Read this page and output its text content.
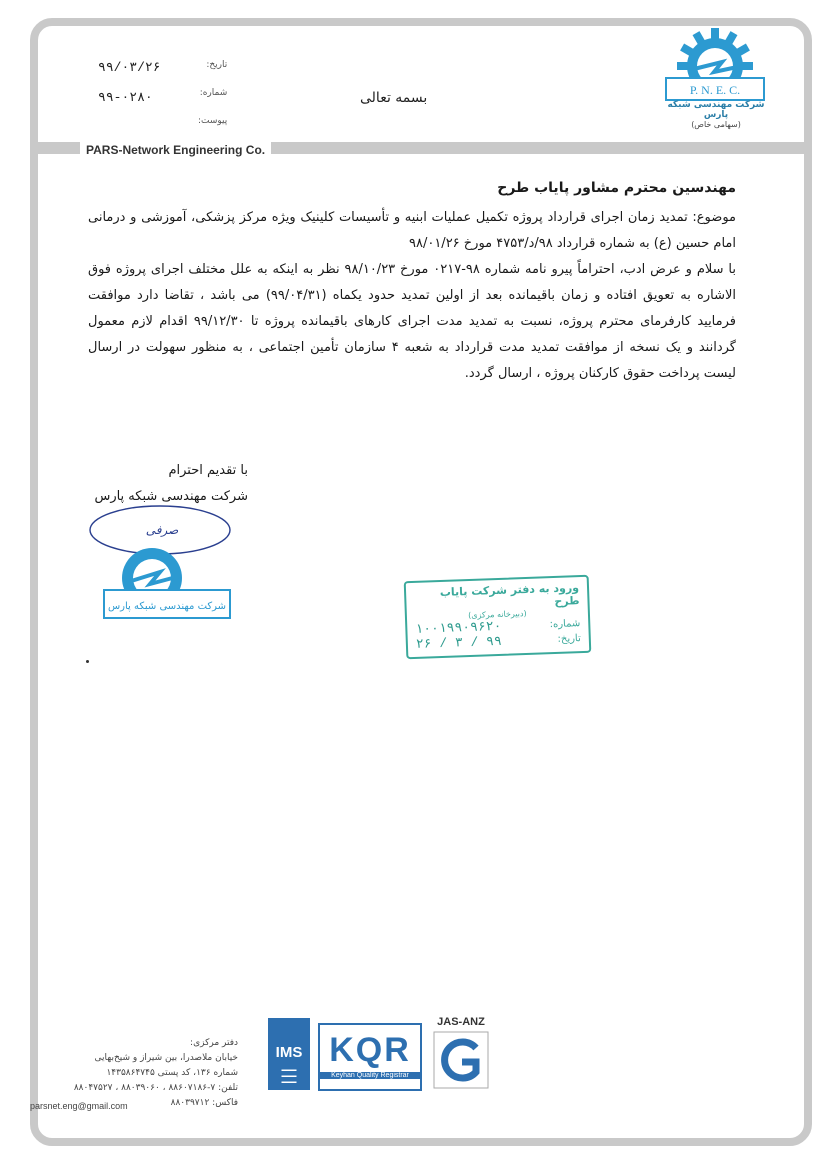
PARS-Network Engineering Co.
تاریخ:
شماره:
پیوست:
۹۹/۰۳/۲۶
۹۹-۰۲۸۰	بسمه تعالی	P. N. E. C.
شرکت مهندسی شبکه پارس
(سهامی خاص)
مهندسین محترم مشاور پایاب طرح
موضوع: تمدید زمان اجرای قرارداد پروژه تکمیل عملیات ابنیه و تأسیسات کلینیک ویژه مرکز پزشکی، آموزشی و درمانی امام حسین (ع) به شماره قرارداد ۹۸/د/۴۷۵۳ مورخ ۹۸/۰۱/۲۶
با سلام و عرض ادب، احتراماً پیرو نامه شماره ۹۸-۰۲۱۷ مورخ ۹۸/۱۰/۲۳ نظر به اینکه به علل مختلف اجرای پروژه فوق الاشاره به تعویق افتاده و زمان باقیمانده بعد از اولین تمدید حدود یکماه (۹۹/۰۴/۳۱) می باشد ، تقاضا دارد موافقت فرمایید کارفرمای محترم پروژه، نسبت به تمدید مدت اجرای کارهای باقیمانده پروژه تا ۹۹/۱۲/۳۰ اقدام لازم معمول گردانند و یک نسخه از موافقت تمدید مدت قرارداد به شعبه ۴ سازمان تأمین اجتماعی ، به منظور سهولت در ارسال لیست پرداخت حقوق کارکنان پروژه ، ارسال گردد.
با تقدیم احترام
شرکت مهندسی شبکه پارس
صرفی
شرکت مهندسی شبکه پارس
ورود به دفتر شرکت پایاب طرح
(دبیرخانه مرکزی)
شماره:
۱۰۰۱۹۹۰۹۶۲۰
تاریخ:
۹۹ / ۳ / ۲۶
دفتر مرکزی:
خیابان ملاصدرا، بین شیراز و شیخ‌بهایی
شماره ۱۳۶، کد پستی ۱۴۳۵۸۶۴۷۴۵
تلفن: ۷-۸۸۶۰۷۱۸۶ ، ۸۸۰۳۹۰۶۰ ، ۸۸۰۴۷۵۲۷
فاکس: ۸۸۰۳۹۷۱۲
parsnet.eng@gmail.com
IMS
▬▬▬
▬▬▬
▬▬▬
KQR
Keyhan Quality Registrar
JAS-ANZ
